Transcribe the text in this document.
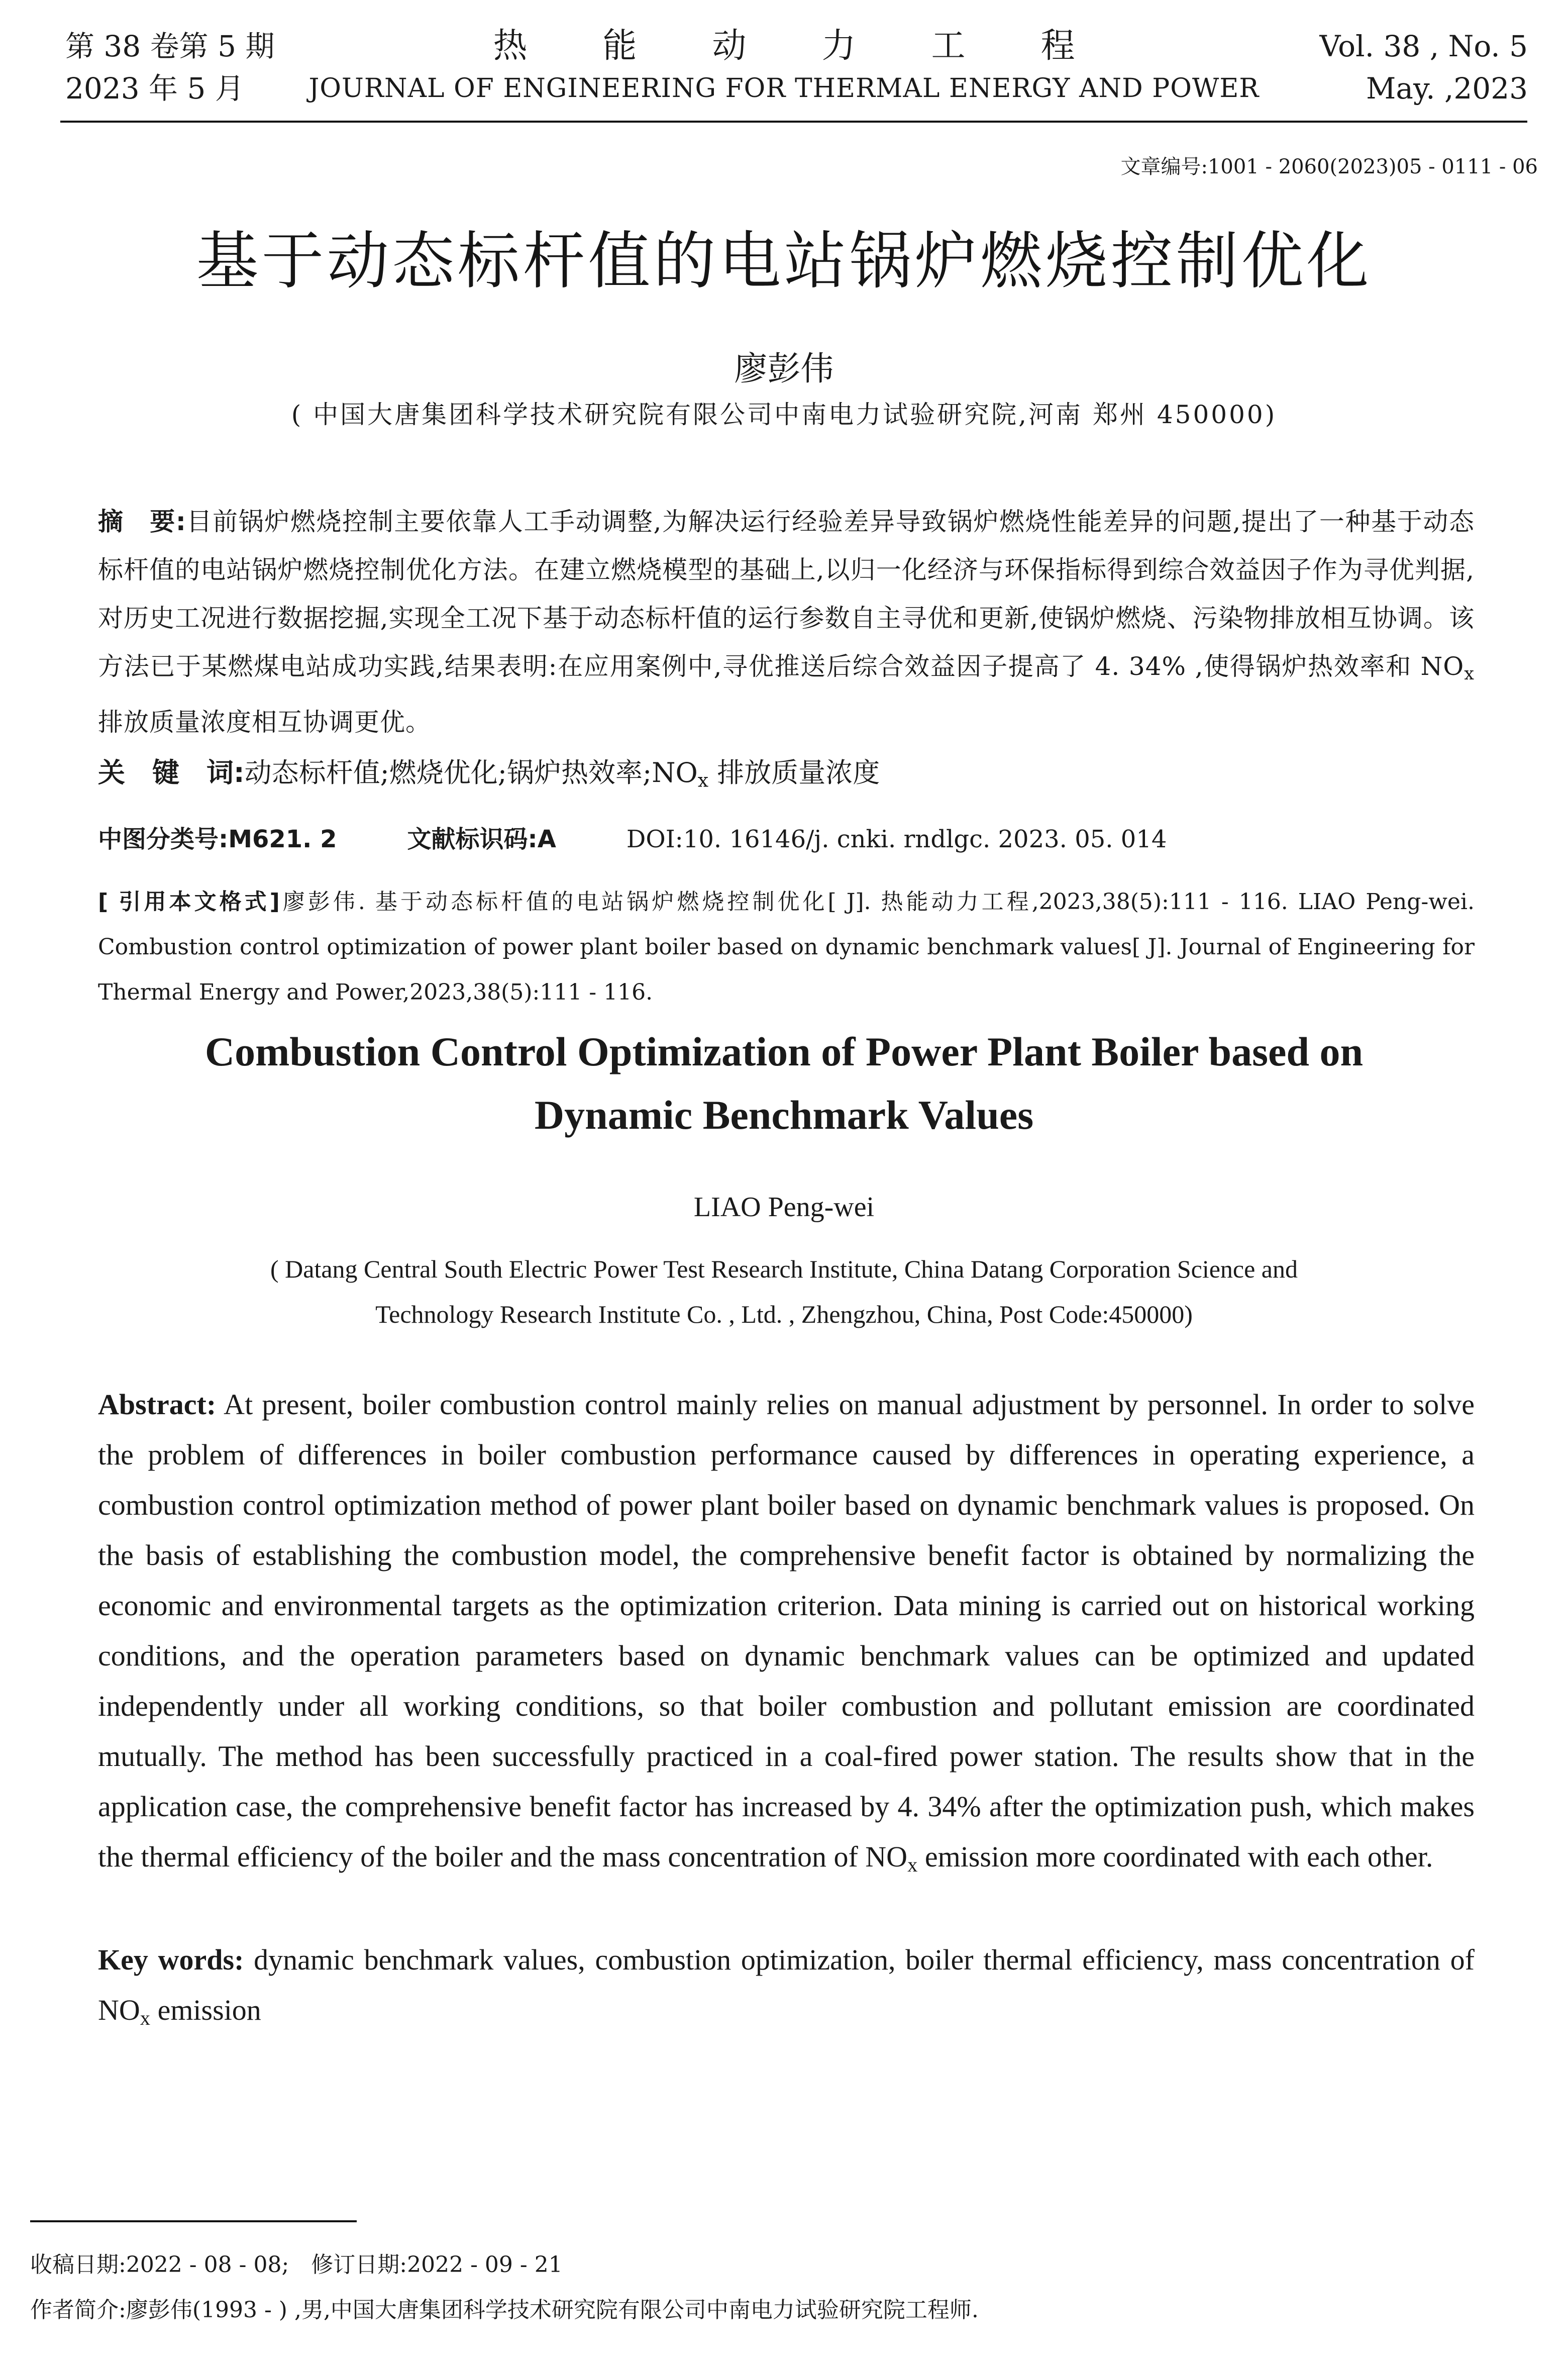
第 38 卷第 5 期
2023 年 5 月
热能动力工程
JOURNAL OF ENGINEERING FOR THERMAL ENERGY AND POWER
Vol. 38 , No. 5
May. ,2023
文章编号:1001 - 2060(2023)05 - 0111 - 06
基于动态标杆值的电站锅炉燃烧控制优化
廖彭伟
( 中国大唐集团科学技术研究院有限公司中南电力试验研究院,河南 郑州 450000)
摘　要:目前锅炉燃烧控制主要依靠人工手动调整,为解决运行经验差异导致锅炉燃烧性能差异的问题,提出了一种基于动态标杆值的电站锅炉燃烧控制优化方法。在建立燃烧模型的基础上,以归一化经济与环保指标得到综合效益因子作为寻优判据,对历史工况进行数据挖掘,实现全工况下基于动态标杆值的运行参数自主寻优和更新,使锅炉燃烧、污染物排放相互协调。该方法已于某燃煤电站成功实践,结果表明:在应用案例中,寻优推送后综合效益因子提高了 4. 34% ,使得锅炉热效率和 $NO_x$ 排放质量浓度相互协调更优。
关　键　词:动态标杆值;燃烧优化;锅炉热效率$;NO_x$ 排放质量浓度
中图分类号:M621. 2	文献标识码:A	DOI:10. 16146/j. cnki. rndlgc. 2023. 05. 014
[ 引用本文格式]廖彭伟. 基于动态标杆值的电站锅炉燃烧控制优化[ J]. 热能动力工程,2023,38(5):111 - 116. LIAO Peng-wei. Combustion control optimization of power plant boiler based on dynamic benchmark values[ J]. Journal of Engineering for Thermal Energy and Power,2023,38(5):111 - 116.
Combustion Control Optimization of Power Plant Boiler based on
Dynamic Benchmark Values
LIAO Peng-wei
( Datang Central South Electric Power Test Research Institute, China Datang Corporation Science and
Technology Research Institute Co. , Ltd. , Zhengzhou, China, Post Code:450000)
Abstract: At present, boiler combustion control mainly relies on manual adjustment by personnel. In order to solve the problem of differences in boiler combustion performance caused by differences in operating experience, a combustion control optimization method of power plant boiler based on dynamic benchmark values is proposed. On the basis of establishing the combustion model, the comprehensive benefit factor is obtained by normalizing the economic and environmental targets as the optimization criterion. Data mining is carried out on historical working conditions, and the operation parameters based on dynamic benchmark values can be optimized and updated independently under all working conditions, so that boiler combustion and pollutant emission are coordinated mutually. The method has been successfully practiced in a coal-fired power station. The results show that in the application case, the comprehensive benefit factor has increased by 4. 34% after the optimization push, which makes the thermal efficiency of the boiler and the mass concentration of $NO_x$ emission more coordinated with each other.
Key words: dynamic benchmark values, combustion optimization, boiler thermal efficiency, mass concentration of $NO_x$ emission
收稿日期:2022 - 08 - 08;　修订日期:2022 - 09 - 21
作者简介:廖彭伟(1993 - ) ,男,中国大唐集团科学技术研究院有限公司中南电力试验研究院工程师.
